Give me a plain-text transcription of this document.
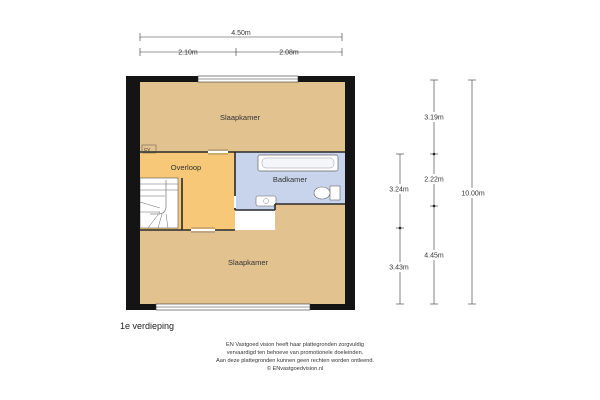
Slaapkamer
Overloop
Badkamer
Slaapkamer
CV
4.50m
2.10m	2.08m
3.19m
2.22m
4.45m
10.00m
3.24m
3.43m
1e verdieping
EN Vastgoed vision heeft haar plattegronden zorgvuldig
vervaardigd ten behoeve van promotionele doeleinden.
Aan deze plattegronden kunnen geen rechten worden ontleend.
© ENvastgoedvision.nl
